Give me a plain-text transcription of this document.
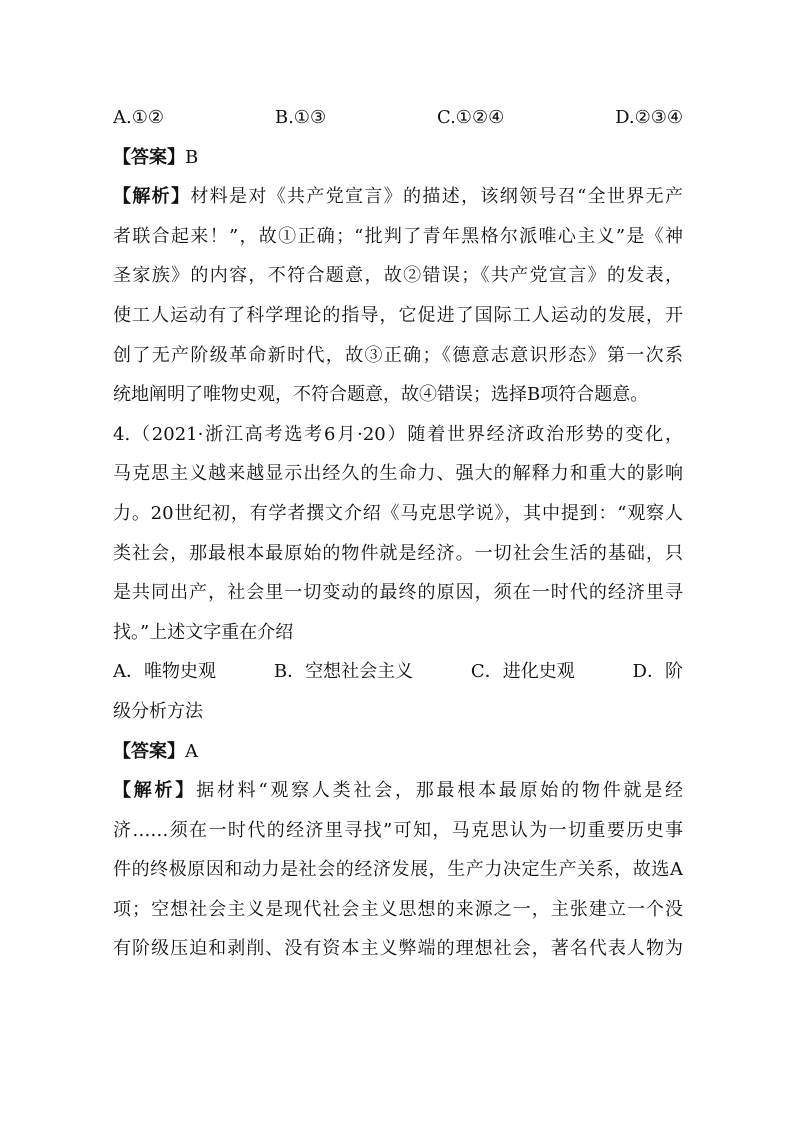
A.①②	B.①③	C.①②④	D.②③④
【答案】B
【解析】材料是对《共产党宣言》的描述，该纲领号召“全世界无产
者联合起来！”，故①正确；“批判了青年黑格尔派唯心主义”是《神
圣家族》的内容，不符合题意，故②错误；《共产党宣言》的发表，
使工人运动有了科学理论的指导，它促进了国际工人运动的发展，开
创了无产阶级革命新时代，故③正确；《德意志意识形态》第一次系
统地阐明了唯物史观，不符合题意，故④错误；选择B项符合题意。
4.（2021·浙江高考选考6月·20）随着世界经济政治形势的变化，
马克思主义越来越显示出经久的生命力、强大的解释力和重大的影响
力。20世纪初，有学者撰文介绍《马克思学说》，其中提到：“观察人
类社会，那最根本最原始的物件就是经济。一切社会生活的基础，只
是共同出产，社会里一切变动的最终的原因，须在一时代的经济里寻
找。”上述文字重在介绍
A．唯物史观	B．空想社会主义	C．进化史观	D．阶
级分析方法
【答案】A
【解析】据材料“观察人类社会，那最根本最原始的物件就是经
济……须在一时代的经济里寻找”可知，马克思认为一切重要历史事
件的终极原因和动力是社会的经济发展，生产力决定生产关系，故选A
项；空想社会主义是现代社会主义思想的来源之一，主张建立一个没
有阶级压迫和剥削、没有资本主义弊端的理想社会，著名代表人物为
